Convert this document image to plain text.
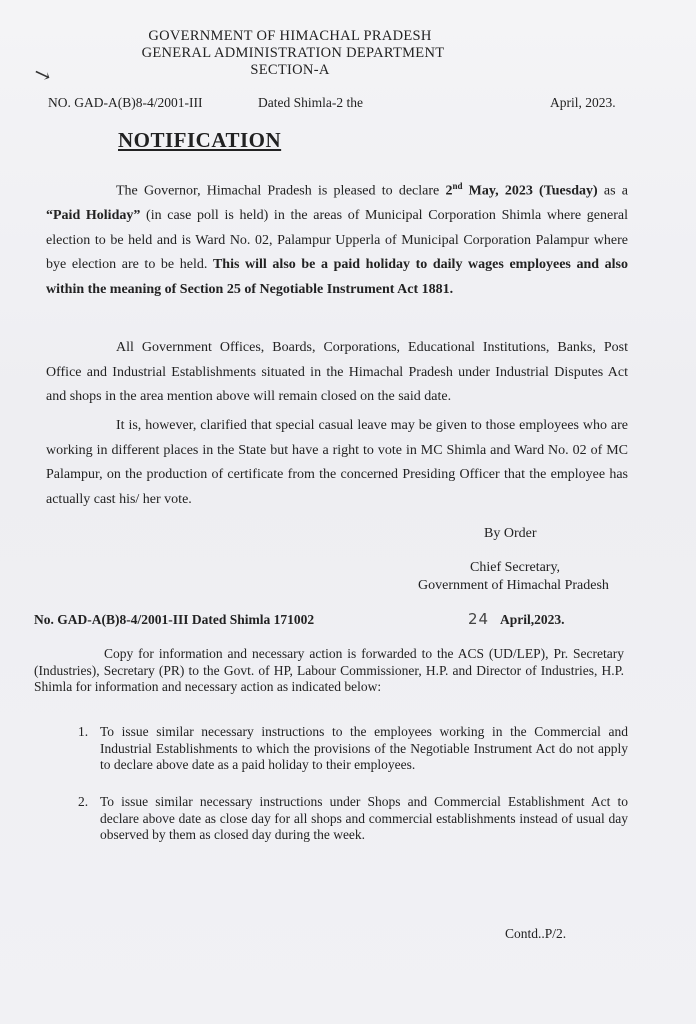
GOVERNMENT OF HIMACHAL PRADESH
GENERAL ADMINISTRATION DEPARTMENT
SECTION-A
↘
NO. GAD-A(B)8-4/2001-III	Dated Shimla-2 the	April, 2023.
NOTIFICATION
The Governor, Himachal Pradesh is pleased to declare 2nd May, 2023 (Tuesday) as a “Paid Holiday” (in case poll is held) in the areas of Municipal Corporation Shimla where general election to be held and is Ward No. 02, Palampur Upperla of Municipal Corporation Palampur where bye election are to be held. This will also be a paid holiday to daily wages employees and also within the meaning of Section 25 of Negotiable Instrument Act 1881.
All Government Offices, Boards, Corporations, Educational Institutions, Banks, Post Office and Industrial Establishments situated in the Himachal Pradesh under Industrial Disputes Act and shops in the area mention above will remain closed on the said date.
It is, however, clarified that special casual leave may be given to those employees who are working in different places in the State but have a right to vote in MC Shimla and Ward No. 02 of MC Palampur, on the production of certificate from the concerned Presiding Officer that the employee has actually cast his/ her vote.
By Order
Chief Secretary,
Government of Himachal Pradesh
No. GAD-A(B)8-4/2001-III Dated Shimla 171002	24 April,2023.
Copy for information and necessary action is forwarded to the ACS (UD/LEP), Pr. Secretary (Industries), Secretary (PR) to the Govt. of HP, Labour Commissioner, H.P. and Director of Industries, H.P. Shimla for information and necessary action as indicated below:
1. To issue similar necessary instructions to the employees working in the Commercial and Industrial Establishments to which the provisions of the Negotiable Instrument Act do not apply to declare above date as a paid holiday to their employees.
2. To issue similar necessary instructions under Shops and Commercial Establishment Act to declare above date as close day for all shops and commercial establishments instead of usual day observed by them as closed day during the week.
Contd..P/2.
